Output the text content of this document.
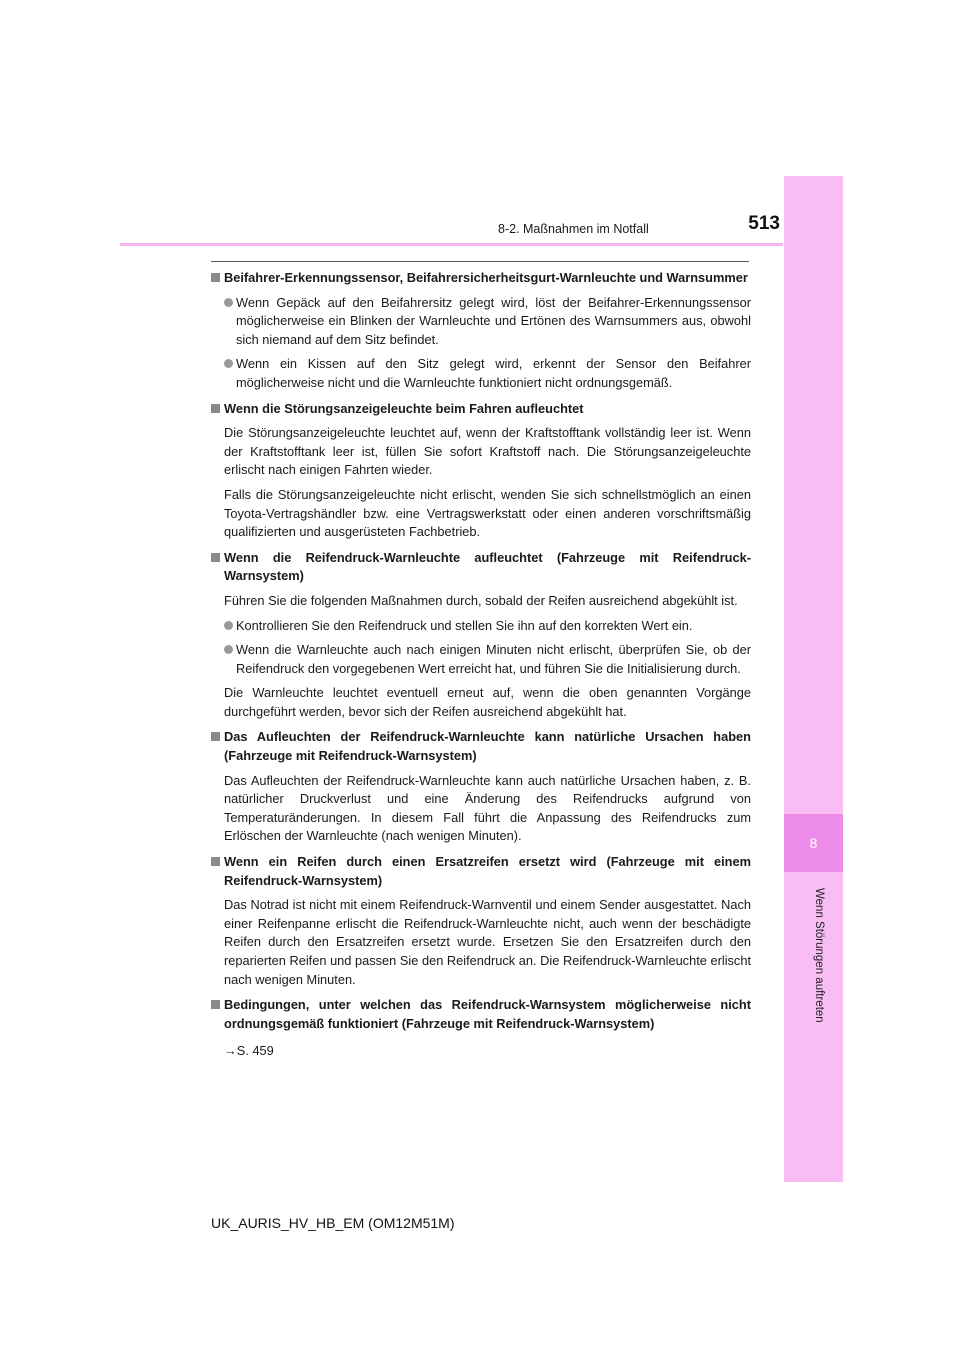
8
Wenn Störungen auftreten
8-2. Maßnahmen im Notfall	513
Beifahrer-Erkennungssensor, Beifahrersicherheitsgurt-Warnleuchte und Warnsummer
Wenn Gepäck auf den Beifahrersitz gelegt wird, löst der Beifahrer-Erkennungssensor möglicherweise ein Blinken der Warnleuchte und Ertönen des Warnsummers aus, obwohl sich niemand auf dem Sitz befindet.
Wenn ein Kissen auf den Sitz gelegt wird, erkennt der Sensor den Beifahrer möglicherweise nicht und die Warnleuchte funktioniert nicht ordnungsgemäß.
Wenn die Störungsanzeigeleuchte beim Fahren aufleuchtet
Die Störungsanzeigeleuchte leuchtet auf, wenn der Kraftstofftank vollständig leer ist. Wenn der Kraftstofftank leer ist, füllen Sie sofort Kraftstoff nach. Die Störungsanzeigeleuchte erlischt nach einigen Fahrten wieder.
Falls die Störungsanzeigeleuchte nicht erlischt, wenden Sie sich schnellstmöglich an einen Toyota-Vertragshändler bzw. eine Vertragswerkstatt oder einen anderen vorschriftsmäßig qualifizierten und ausgerüsteten Fachbetrieb.
Wenn die Reifendruck-Warnleuchte aufleuchtet (Fahrzeuge mit Reifendruck-Warnsystem)
Führen Sie die folgenden Maßnahmen durch, sobald der Reifen ausreichend abgekühlt ist.
Kontrollieren Sie den Reifendruck und stellen Sie ihn auf den korrekten Wert ein.
Wenn die Warnleuchte auch nach einigen Minuten nicht erlischt, überprüfen Sie, ob der Reifendruck den vorgegebenen Wert erreicht hat, und führen Sie die Initialisierung durch.
Die Warnleuchte leuchtet eventuell erneut auf, wenn die oben genannten Vorgänge durchgeführt werden, bevor sich der Reifen ausreichend abgekühlt hat.
Das Aufleuchten der Reifendruck-Warnleuchte kann natürliche Ursachen haben (Fahrzeuge mit Reifendruck-Warnsystem)
Das Aufleuchten der Reifendruck-Warnleuchte kann auch natürliche Ursachen haben, z. B. natürlicher Druckverlust und eine Änderung des Reifendrucks aufgrund von Temperaturänderungen. In diesem Fall führt die Anpassung des Reifendrucks zum Erlöschen der Warnleuchte (nach wenigen Minuten).
Wenn ein Reifen durch einen Ersatzreifen ersetzt wird (Fahrzeuge mit einem Reifendruck-Warnsystem)
Das Notrad ist nicht mit einem Reifendruck-Warnventil und einem Sender ausgestattet. Nach einer Reifenpanne erlischt die Reifendruck-Warnleuchte nicht, auch wenn der beschädigte Reifen durch den Ersatzreifen ersetzt wurde. Ersetzen Sie den Ersatzreifen durch den reparierten Reifen und passen Sie den Reifendruck an. Die Reifendruck-Warnleuchte erlischt nach wenigen Minuten.
Bedingungen, unter welchen das Reifendruck-Warnsystem möglicherweise nicht ordnungsgemäß funktioniert (Fahrzeuge mit Reifendruck-Warnsystem)
→S. 459
UK_AURIS_HV_HB_EM (OM12M51M)
